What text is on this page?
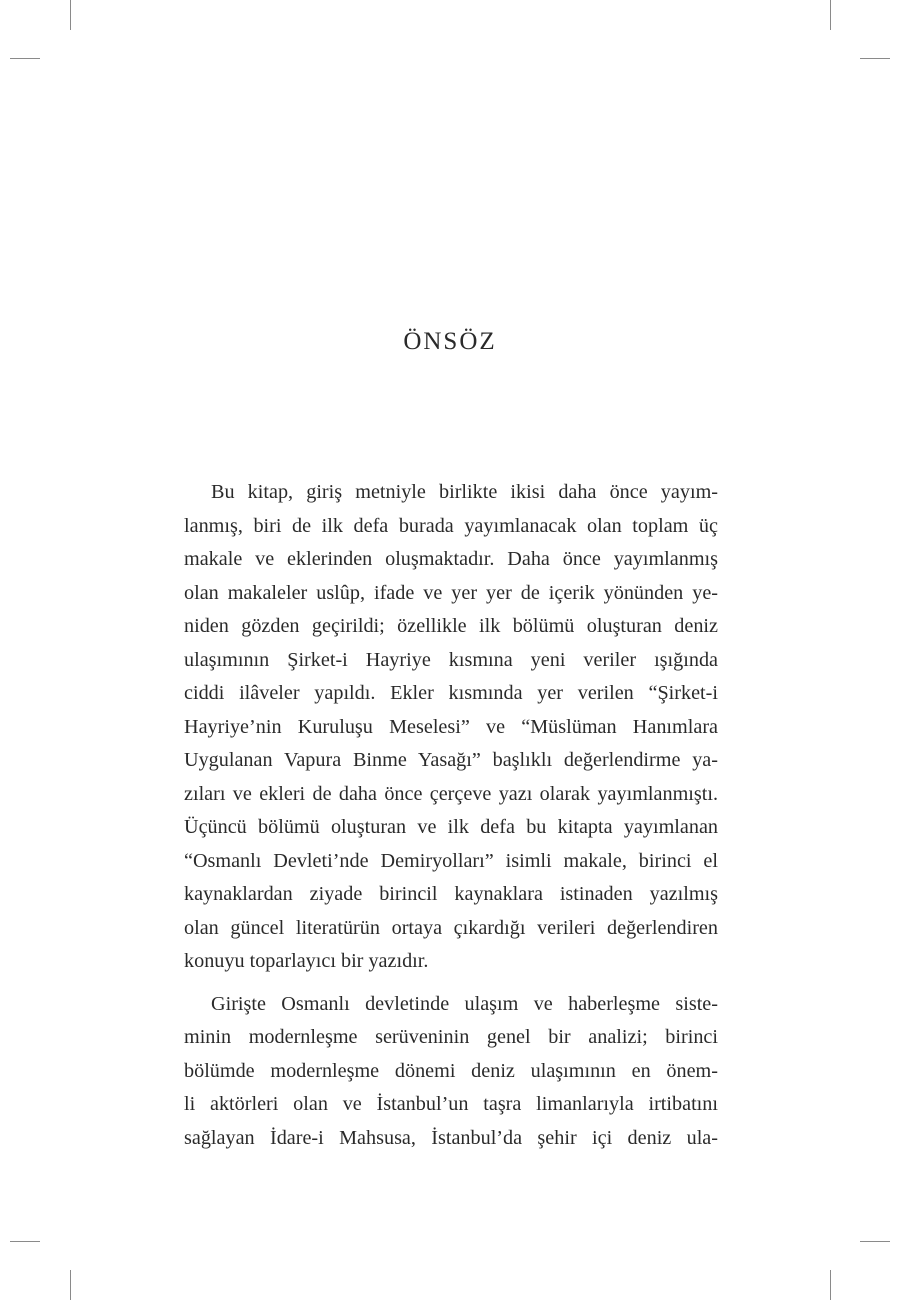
ÖNSÖZ
Bu kitap, giriş metniyle birlikte ikisi daha önce yayım-
lanmış, biri de ilk defa burada yayımlanacak olan toplam üç
makale ve eklerinden oluşmaktadır. Daha önce yayımlanmış
olan makaleler uslûp, ifade ve yer yer de içerik yönünden ye-
niden gözden geçirildi; özellikle ilk bölümü oluşturan deniz
ulaşımının Şirket-i Hayriye kısmına yeni veriler ışığında
ciddi ilâveler yapıldı. Ekler kısmında yer verilen “Şirket-i
Hayriye’nin Kuruluşu Meselesi” ve “Müslüman Hanımlara
Uygulanan Vapura Binme Yasağı” başlıklı değerlendirme ya-
zıları ve ekleri de daha önce çerçeve yazı olarak yayımlanmıştı.
Üçüncü bölümü oluşturan ve ilk defa bu kitapta yayımlanan
“Osmanlı Devleti’nde Demiryolları” isimli makale, birinci el
kaynaklardan ziyade birincil kaynaklara istinaden yazılmış
olan güncel literatürün ortaya çıkardığı verileri değerlendiren
konuyu toparlayıcı bir yazıdır.
Girişte Osmanlı devletinde ulaşım ve haberleşme siste-
minin modernleşme serüveninin genel bir analizi; birinci
bölümde modernleşme dönemi deniz ulaşımının en önem-
li aktörleri olan ve İstanbul’un taşra limanlarıyla irtibatını
sağlayan İdare-i Mahsusa, İstanbul’da şehir içi deniz ula-
